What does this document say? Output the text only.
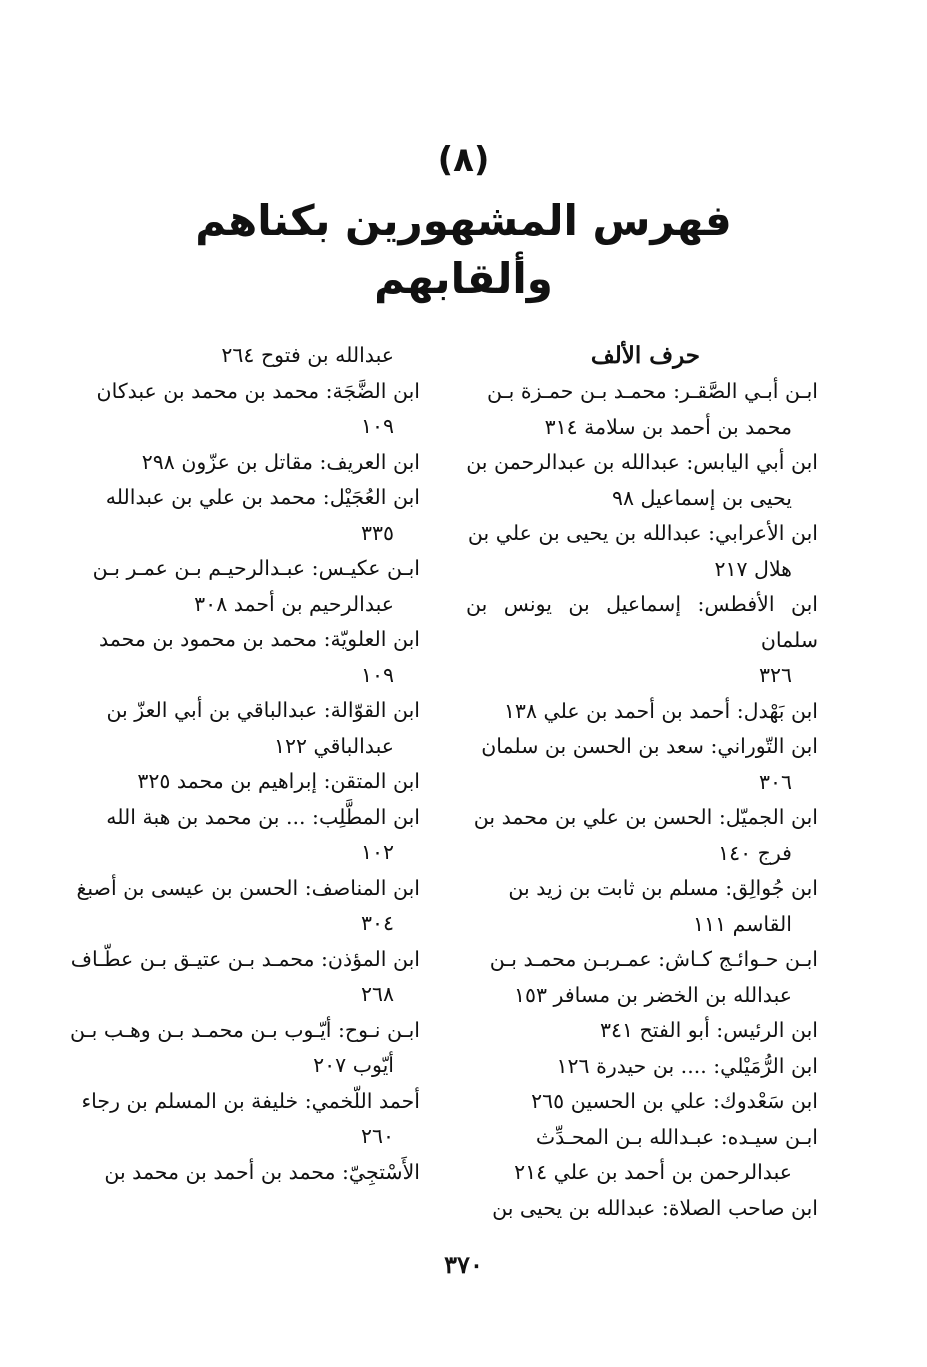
(٨)
فهرس المشهورين بكناهم
وألقابهم
حرف الألف
ابـن أبـي الصَّقـر: محمـد بـن حمـزة بـن
محمد بن أحمد بن سلامة ٣١٤
ابن أبي اليابس: عبدالله بن عبدالرحمن بن
يحيى بن إسماعيل ٩٨
ابن الأعرابي: عبدالله بن يحيى بن علي بن
هلال ٢١٧
ابن الأفطس: إسماعيل بن يونس بن سلمان
٣٢٦
ابن بَهْدل: أحمد بن أحمد بن علي ١٣٨
ابن التّوراني: سعد بن الحسن بن سلمان
٣٠٦
ابن الجميّل: الحسن بن علي بن محمد بن
فرج ١٤٠
ابن جُوالِق: مسلم بن ثابت بن زيد بن
القاسم ١١١
ابـن حـوائـج كـاش: عمـربـن محمـد بـن
عبدالله بن الخضر بن مسافر ١٥٣
ابن الرئيس: أبو الفتح ٣٤١
ابن الرُّمَيْلي: .... بن حيدرة ١٢٦
ابن سَعْدوك: علي بن الحسين ٢٦٥
ابـن سيـده: عبـدالله بـن المحـدِّث
عبدالرحمن بن أحمد بن علي ٢١٤
ابن صاحب الصلاة: عبدالله بن يحيى بن
عبدالله بن فتوح ٢٦٤
ابن الضَّجَة: محمد بن محمد بن عبدكان
١٠٩
ابن العريف: مقاتل بن عزّون ٢٩٨
ابن العُجَيْل: محمد بن علي بن عبدالله
٣٣٥
ابـن عكيـس: عبـدالرحيـم بـن عمـر بـن
عبدالرحيم بن أحمد ٣٠٨
ابن العلويّة: محمد بن محمود بن محمد
١٠٩
ابن القوّالة: عبدالباقي بن أبي العزّ بن
عبدالباقي ١٢٢
ابن المتقن: إبراهيم بن محمد ٣٢٥
ابن المطَّلِب: ... بن محمد بن هبة الله
١٠٢
ابن المناصف: الحسن بن عيسى بن أصبغ
٣٠٤
ابن المؤذن: محمـد بـن عتيـق بـن عطّـاف
٢٦٨
ابـن نـوح: أيّـوب بـن محمـد بـن وهـب بـن
أيّوب ٢٠٧
أحمد اللّخمي: خليفة بن المسلم بن رجاء
٢٦٠
الأَسْتجِيّ: محمد بن أحمد بن محمد بن
٣٧٠
